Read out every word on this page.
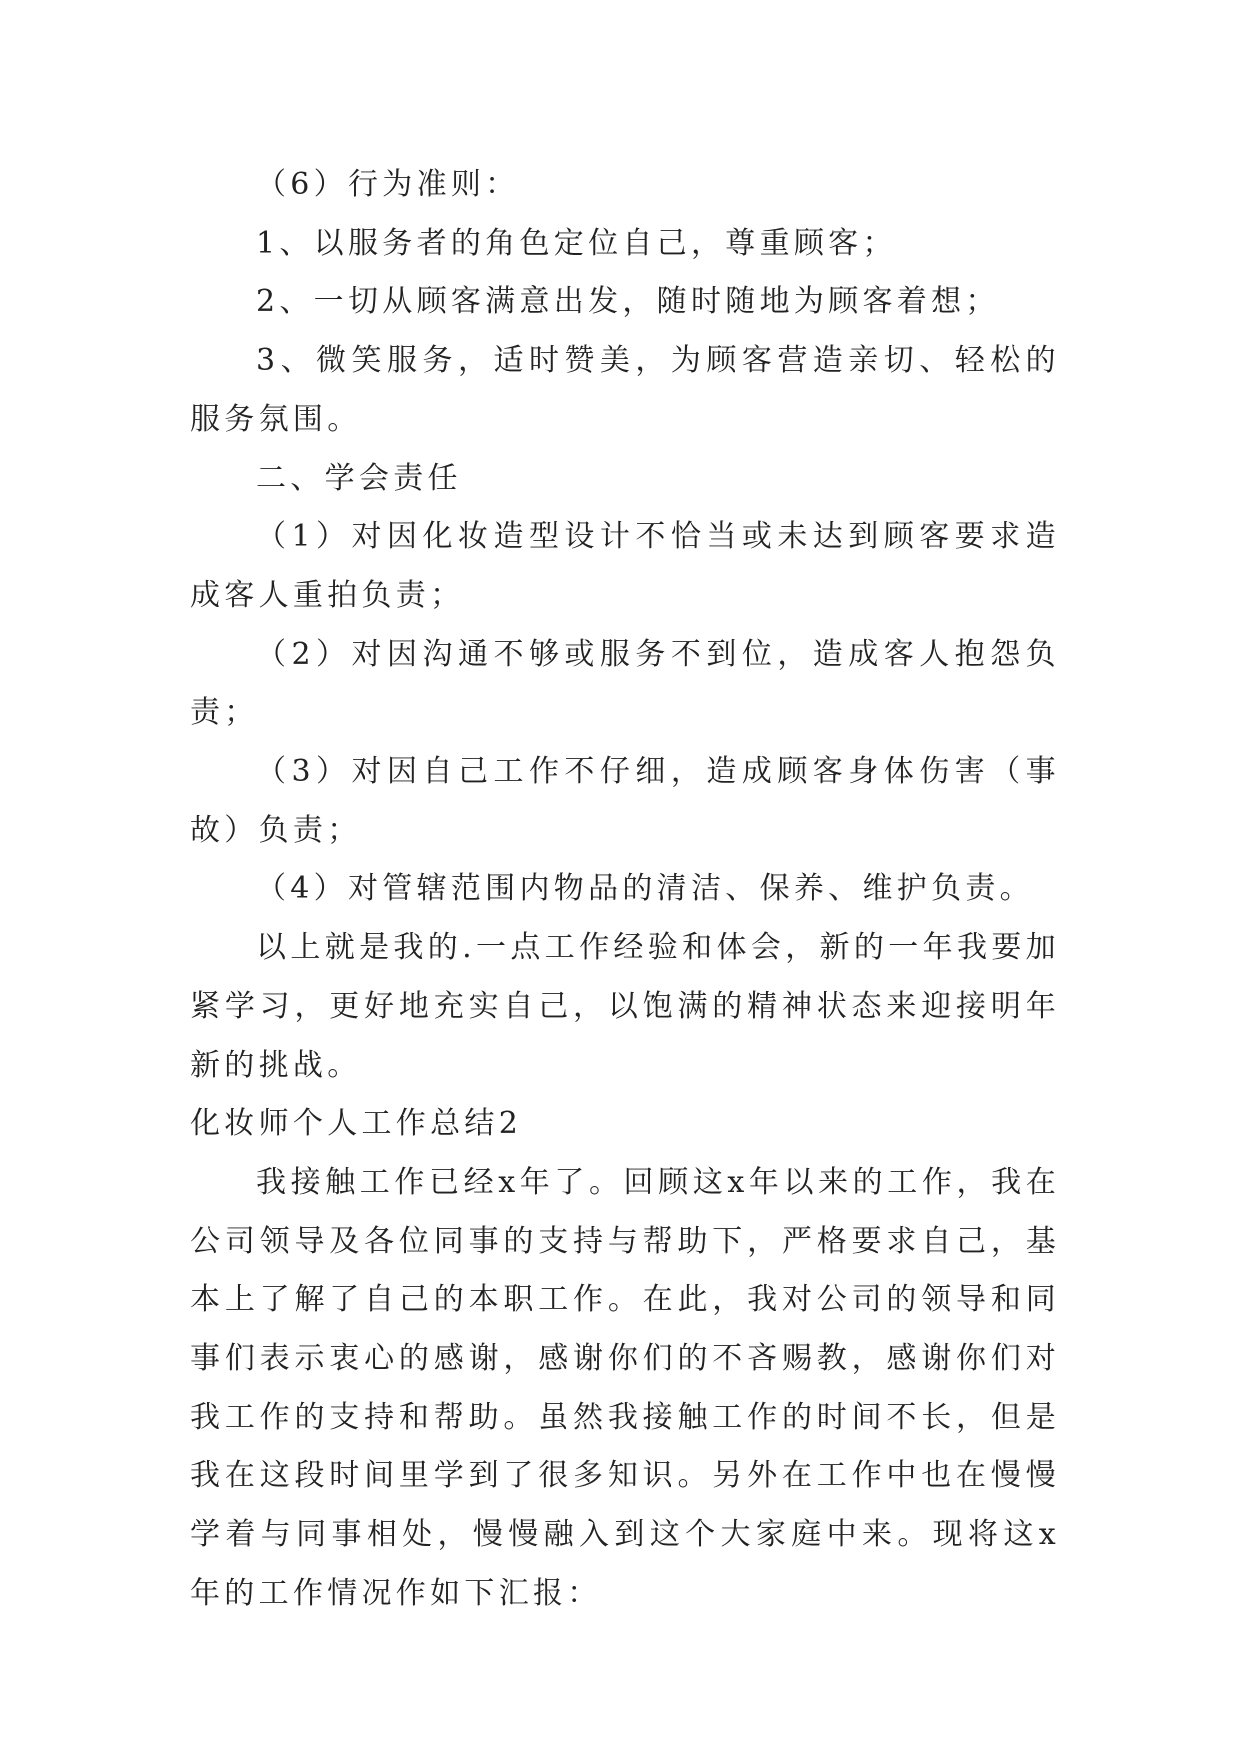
（6）行为准则：

1、以服务者的角色定位自己，尊重顾客；

2、一切从顾客满意出发，随时随地为顾客着想；

3、微笑服务，适时赞美，为顾客营造亲切、轻松的服务氛围。

二、学会责任

（1）对因化妆造型设计不恰当或未达到顾客要求造成客人重拍负责；

（2）对因沟通不够或服务不到位，造成客人抱怨负责；

（3）对因自己工作不仔细，造成顾客身体伤害（事故）负责；

（4）对管辖范围内物品的清洁、保养、维护负责。

以上就是我的.一点工作经验和体会，新的一年我要加紧学习，更好地充实自己，以饱满的精神状态来迎接明年新的挑战。

化妆师个人工作总结2

我接触工作已经x年了。回顾这x年以来的工作，我在公司领导及各位同事的支持与帮助下，严格要求自己，基本上了解了自己的本职工作。在此，我对公司的领导和同事们表示衷心的感谢，感谢你们的不吝赐教，感谢你们对我工作的支持和帮助。虽然我接触工作的时间不长，但是我在这段时间里学到了很多知识。另外在工作中也在慢慢学着与同事相处，慢慢融入到这个大家庭中来。现将这x年的工作情况作如下汇报：
